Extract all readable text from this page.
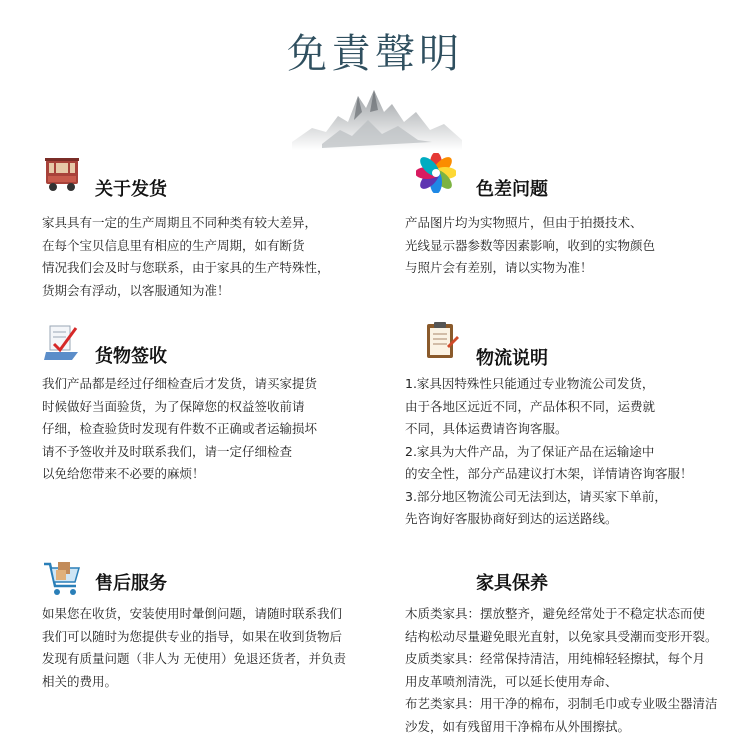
免責聲明
关于发货
家具具有一定的生产周期且不同种类有较大差异，
在每个宝贝信息里有相应的生产周期，如有断货
情况我们会及时与您联系，由于家具的生产特殊性，
货期会有浮动，以客服通知为准！
色差问题
产品图片均为实物照片，但由于拍摄技术、
光线显示器参数等因素影响，收到的实物颜色
与照片会有差别，请以实物为准！
货物签收
我们产品都是经过仔细检查后才发货，请买家提货
时候做好当面验货，为了保障您的权益签收前请
仔细，检查验货时发现有件数不正确或者运输损坏
请不予签收并及时联系我们，请一定仔细检查
以免给您带来不必要的麻烦！
物流说明
1.家具因特殊性只能通过专业物流公司发货，
由于各地区远近不同，产品体积不同，运费就
不同，具体运费请咨询客服。
2.家具为大件产品，为了保证产品在运输途中
的安全性，部分产品建议打木架，详情请咨询客服！
3.部分地区物流公司无法到达，请买家下单前，
先咨询好客服协商好到达的运送路线。
售后服务
如果您在收货，安装使用时暈倒问题，请随时联系我们
我们可以随时为您提供专业的指导，如果在收到货物后
发现有质量问题（非人为 无使用）免退还货者，并负责
相关的费用。
家具保养
木质类家具：摆放整齐，避免经常处于不稳定状态而使
结构松动尽量避免眼光直射，以免家具受潮而变形开裂。
皮质类家具：经常保持清洁，用纯棉轻轻擦拭，每个月
用皮革喷剂清洗，可以延长使用寿命、
布艺类家具：用干净的棉布，羽制毛巾或专业吸尘器清洁
沙发，如有残留用干净棉布从外围擦拭。
